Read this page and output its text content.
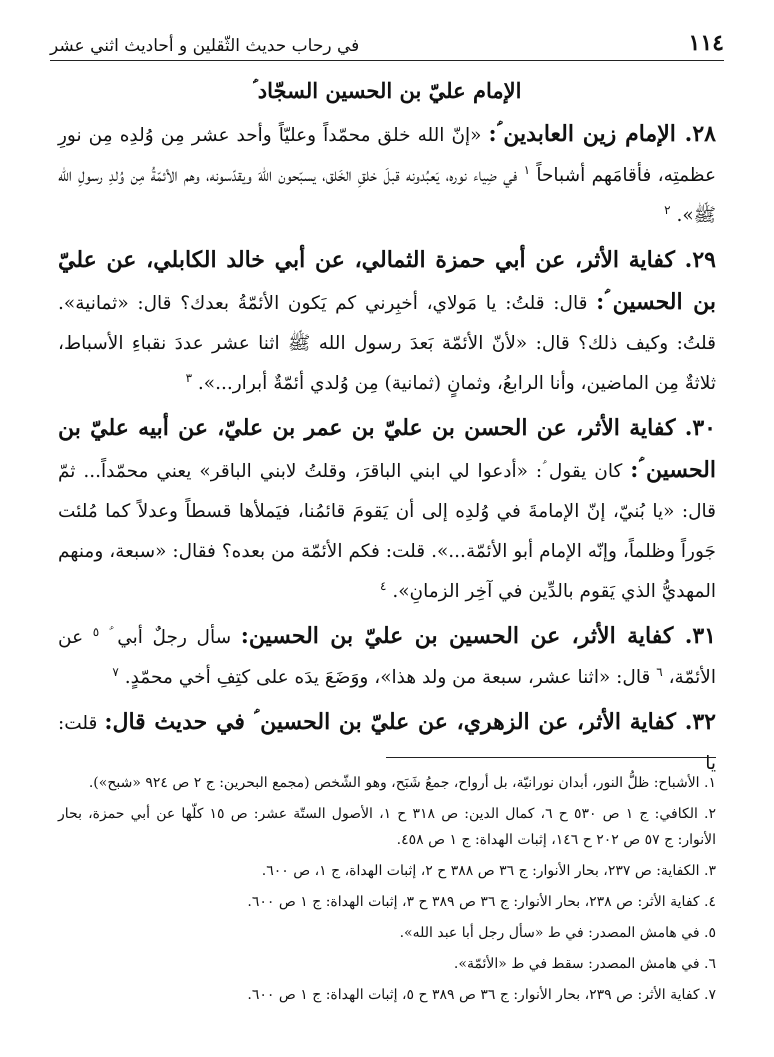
١١٤
في رحاب حديث الثّقلين و أحاديث اثني عشر
الإمام عليّ بن الحسين السجّاد ؑ

٢٨. الإمام زين العابدين ؑ: «إنّ الله خلق محمّداً وعليّاً وأحد عشر مِن وُلدِه مِن نورِ عظمتِه، فأقامَهم أشباحاً $^١$ في ضِياء نوره، يَعبُدونه قبلَ خلقِ الخَلق، يسبّحون اللهَ ويقدّسونه، وهم الأئمّةُ مِن وُلدِ رسولِ الله ﷺ». $^٢$

٢٩. كفاية الأثر، عن أبي حمزة الثمالي، عن أبي خالد الكابلي، عن عليّ بن الحسين ؑ: قال: قلتُ: يا مَولاي، أخبِرني كم يَكون الأئمّةُ بعدك؟ قال: «ثمانية». قلتُ: وكيف ذلك؟ قال: «لأنّ الأئمّة بَعدَ رسول الله ﷺ اثنا عشر عددَ نقباءِ الأسباط، ثلاثةٌ مِن الماضين، وأنا الرابعُ، وثمانٍ (ثمانية) مِن وُلدي أئمّةٌ أبرار...». $^٣$

٣٠. كفاية الأثر، عن الحسن بن عليّ بن عمر بن عليّ، عن أبيه عليّ بن الحسين ؑ: كان يقول ؑ: «أدعوا لي ابني الباقرَ، وقلتُ لابني الباقر» يعني محمّداً... ثمّ قال: «يا بُنيّ، إنّ الإمامةَ في وُلدِه إلى أن يَقومَ قائمُنا، فيَملأها قسطاً وعدلاً كما مُلئت جَوراً وظلماً، وإنّه الإمام أبو الأئمّة...». قلت: فكم الأئمّة من بعده؟ فقال: «سبعة، ومنهم المهديُّ الذي يَقوم بالدِّين في آخِر الزمانِ». $^٤$

٣١. كفاية الأثر، عن الحسين بن عليّ بن الحسين: سأل رجلٌ أبي ؑ $^٥$ عن الأئمّة، $^٦$ قال: «اثنا عشر، سبعة من ولد هذا»، ووَضَعَ يدَه على كتِفِ أخي محمّدٍ. $^٧$

٣٢. كفاية الأثر، عن الزهري، عن عليّ بن الحسين ؑ في حديث قال: قلت: يا

١. الأشباح: ظلُّ النور، أبدان نورانيّة، بل أرواح، جمعُ شَبَح، وهو الشّخص (مجمع البحرين: ج ٢ ص ٩٢٤ «شبح»).

٢. الكافي: ج ١ ص ٥٣٠ ح ٦، كمال الدين: ص ٣١٨ ح ١، الأصول الستّة عشر: ص ١٥ كلّها عن أبي حمزة، بحار الأنوار: ج ٥٧ ص ٢٠٢ ح ١٤٦، إثبات الهداة: ج ١ ص ٤٥٨.

٣. الكفاية: ص ٢٣٧، بحار الأنوار: ج ٣٦ ص ٣٨٨ ح ٢، إثبات الهداة، ج ١، ص ٦٠٠.

٤. كفاية الأثر: ص ٢٣٨، بحار الأنوار: ج ٣٦ ص ٣٨٩ ح ٣، إثبات الهداة: ج ١ ص ٦٠٠.

٥. في هامش المصدر: في ط «سأل رجل أبا عبد الله».

٦. في هامش المصدر: سقط في ط «الأئمّة».

٧. كفاية الأثر: ص ٢٣٩، بحار الأنوار: ج ٣٦ ص ٣٨٩ ح ٥، إثبات الهداة: ج ١ ص ٦٠٠.
